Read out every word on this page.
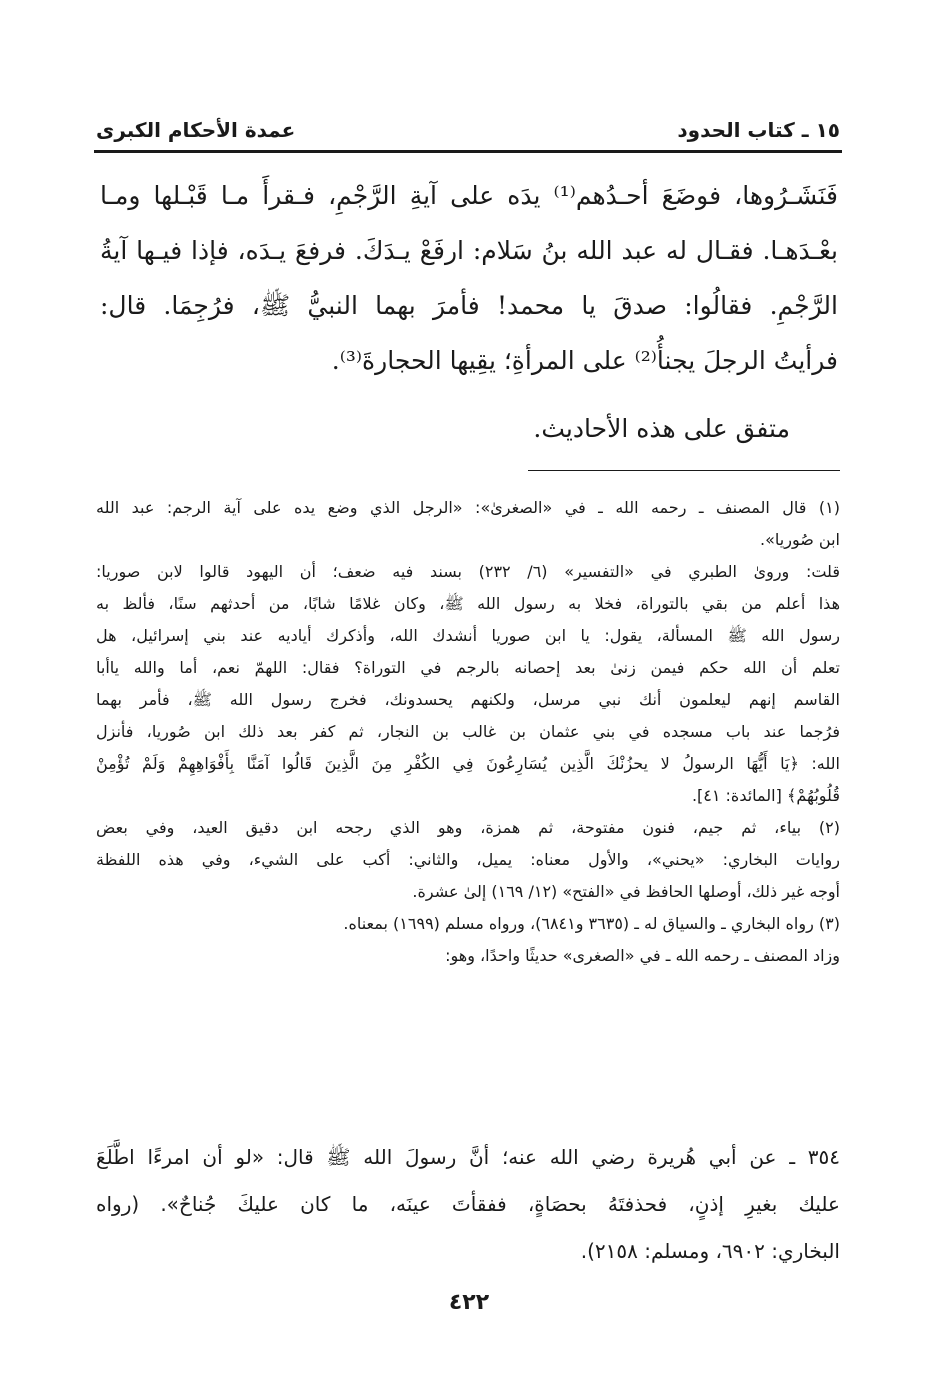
١٥ ـ كتاب الحدود
عمدة الأحكام الكبرى
فَنَشَـرُوها، فوضَعَ أحـدُهم⁽¹⁾ يدَه على آيةِ الرَّجْمِ، فـقرأَ مـا قَبْـلها ومـا
بعْـدَهـا. فقـال له عبد الله بنُ سَلام: ارفَعْ يـدَكَ. فرفعَ يـدَه، فإذا فيـها آيةُ
الرَّجْمِ. فقالُوا: صدقَ يا محمد! فأمرَ بهما النبيُّ ﷺ، فرُجِمَا. قال:
فرأيتُ الرجلَ يجنأُ⁽²⁾ على المرأةِ؛ يقِيها الحجارةَ⁽³⁾.
متفق على هذه الأحاديث.
(١) قال المصنف ـ رحمه الله ـ في «الصغرىٰ»: «الرجل الذي وضع يده على آية الرجم: عبد الله
ابن صُوريا».
قلت: وروىٰ الطبري في «التفسير» (٦/ ٢٣٢) بسند فيه ضعف؛ أن اليهود قالوا لابن صوريا:
هذا أعلم من بقي بالتوراة، فخلا به رسول الله ﷺ، وكان غلامًا شابًا، من أحدثهم سنًا، فألظ به
رسول الله ﷺ المسألة، يقول: يا ابن صوريا أنشدك الله، وأذكرك أياديه عند بني إسرائيل، هل
تعلم أن الله حكم فيمن زنىٰ بعد إحصانه بالرجم في التوراة؟ فقال: اللهمّ نعم، أما والله ياأبا
القاسم إنهم ليعلمون أنك نبي مرسل، ولكنهم يحسدونك، فخرج رسول الله ﷺ، فأمر بهما
فرُجما عند باب مسجده في بني عثمان بن غالب بن النجار، ثم كفر بعد ذلك ابن صُوريا، فأنزل
الله: ﴿يَا أَيُّهَا الرسولُ لا يحزُنْكَ الَّذِين يُسَارِعُونَ فِي الكُفْرِ مِنَ الَّذِينَ قَالُوا آمَنَّا بِأَفْوَاهِهِمْ وَلَمْ تُؤْمِنْ
قُلُوبُهُمْ﴾ [المائدة: ٤١].
(٢) بياء، ثم جيم، فنون مفتوحة، ثم همزة، وهو الذي رجحه ابن دقيق العيد، وفي بعض
روايات البخاري: «يحني»، والأول معناه: يميل، والثاني: أكب على الشيء، وفي هذه اللفظة
أوجه غير ذلك، أوصلها الحافظ في «الفتح» (١٢/ ١٦٩) إلىٰ عشرة.
(٣) رواه البخاري ـ والسياق له ـ (٣٦٣٥ و٦٨٤١)، ورواه مسلم (١٦٩٩) بمعناه.
وزاد المصنف ـ رحمه الله ـ في «الصغرى» حديثًا واحدًا، وهو:
٣٥٤ ـ عن أبي هُريرة رضي الله عنه؛ أنَّ رسولَ الله ﷺ قال: «لو أن امرءًا اطَّلَعَ
عليك بغيرِ إذنٍ، فحذفتَهُ بحصَاةٍ، ففقأتَ عينَه، ما كان عليكَ جُناحٌ». (رواه
البخاري: ٦٩٠٢، ومسلم: ٢١٥٨).
٤٢٢
